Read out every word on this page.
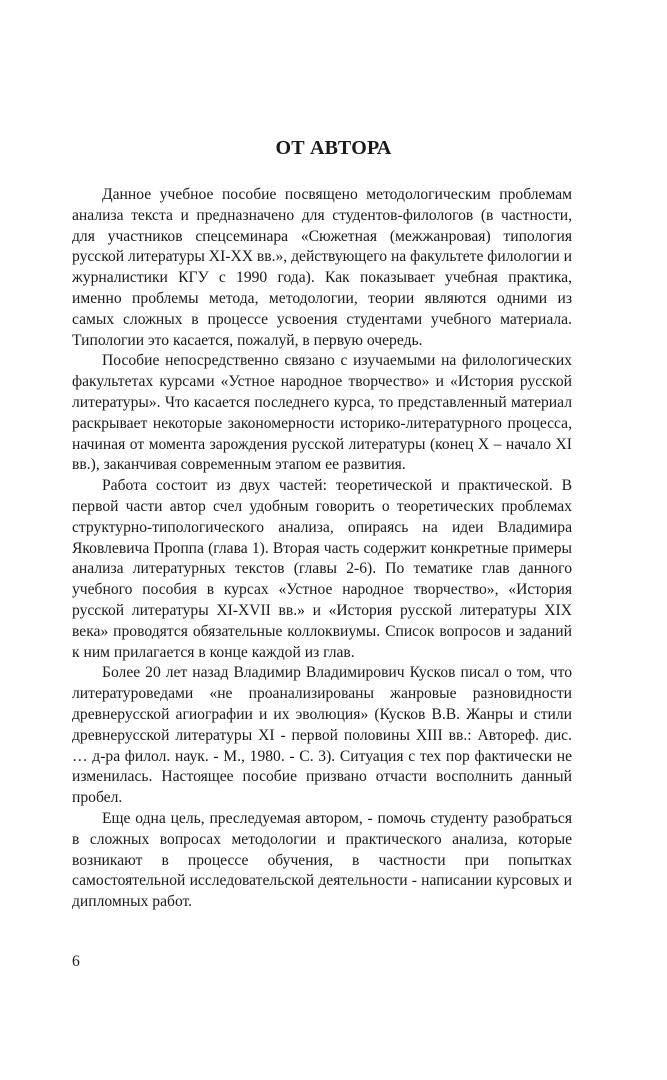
ОТ АВТОРА

Данное учебное пособие посвящено методологическим проблемам анализа текста и предназначено для студентов-филологов (в частности, для участников спецсеминара «Сюжетная (межжанровая) типология русской литературы XI-XX вв.», действующего на факультете филологии и журналистики КГУ с 1990 года). Как показывает учебная практика, именно проблемы метода, методологии, теории являются одними из самых сложных в процессе усвоения студентами учебного материала. Типологии это касается, пожалуй, в первую очередь.

Пособие непосредственно связано с изучаемыми на филологических факультетах курсами «Устное народное творчество» и «История русской литературы». Что касается последнего курса, то представленный материал раскрывает некоторые закономерности историко-литературного процесса, начиная от момента зарождения русской литературы (конец X – начало XI вв.), заканчивая современным этапом ее развития.

Работа состоит из двух частей: теоретической и практической. В первой части автор счел удобным говорить о теоретических проблемах структурно-типологического анализа, опираясь на идеи Владимира Яковлевича Проппа (глава 1). Вторая часть содержит конкретные примеры анализа литературных текстов (главы 2-6). По тематике глав данного учебного пособия в курсах «Устное народное творчество», «История русской литературы XI-XVII вв.» и «История русской литературы XIX века» проводятся обязательные коллоквиумы. Список вопросов и заданий к ним прилагается в конце каждой из глав.

Более 20 лет назад Владимир Владимирович Кусков писал о том, что литературоведами «не проанализированы жанровые разновидности древнерусской агиографии и их эволюция» (Кусков В.В. Жанры и стили древнерусской литературы XI - первой половины XIII вв.: Автореф. дис. … д-ра филол. наук. - М., 1980. - С. 3). Ситуация с тех пор фактически не изменилась. Настоящее пособие призвано отчасти восполнить данный пробел.

Еще одна цель, преследуемая автором, - помочь студенту разобраться в сложных вопросах методологии и практического анализа, которые возникают в процессе обучения, в частности при попытках самостоятельной исследовательской деятельности - написании курсовых и дипломных работ.

6
